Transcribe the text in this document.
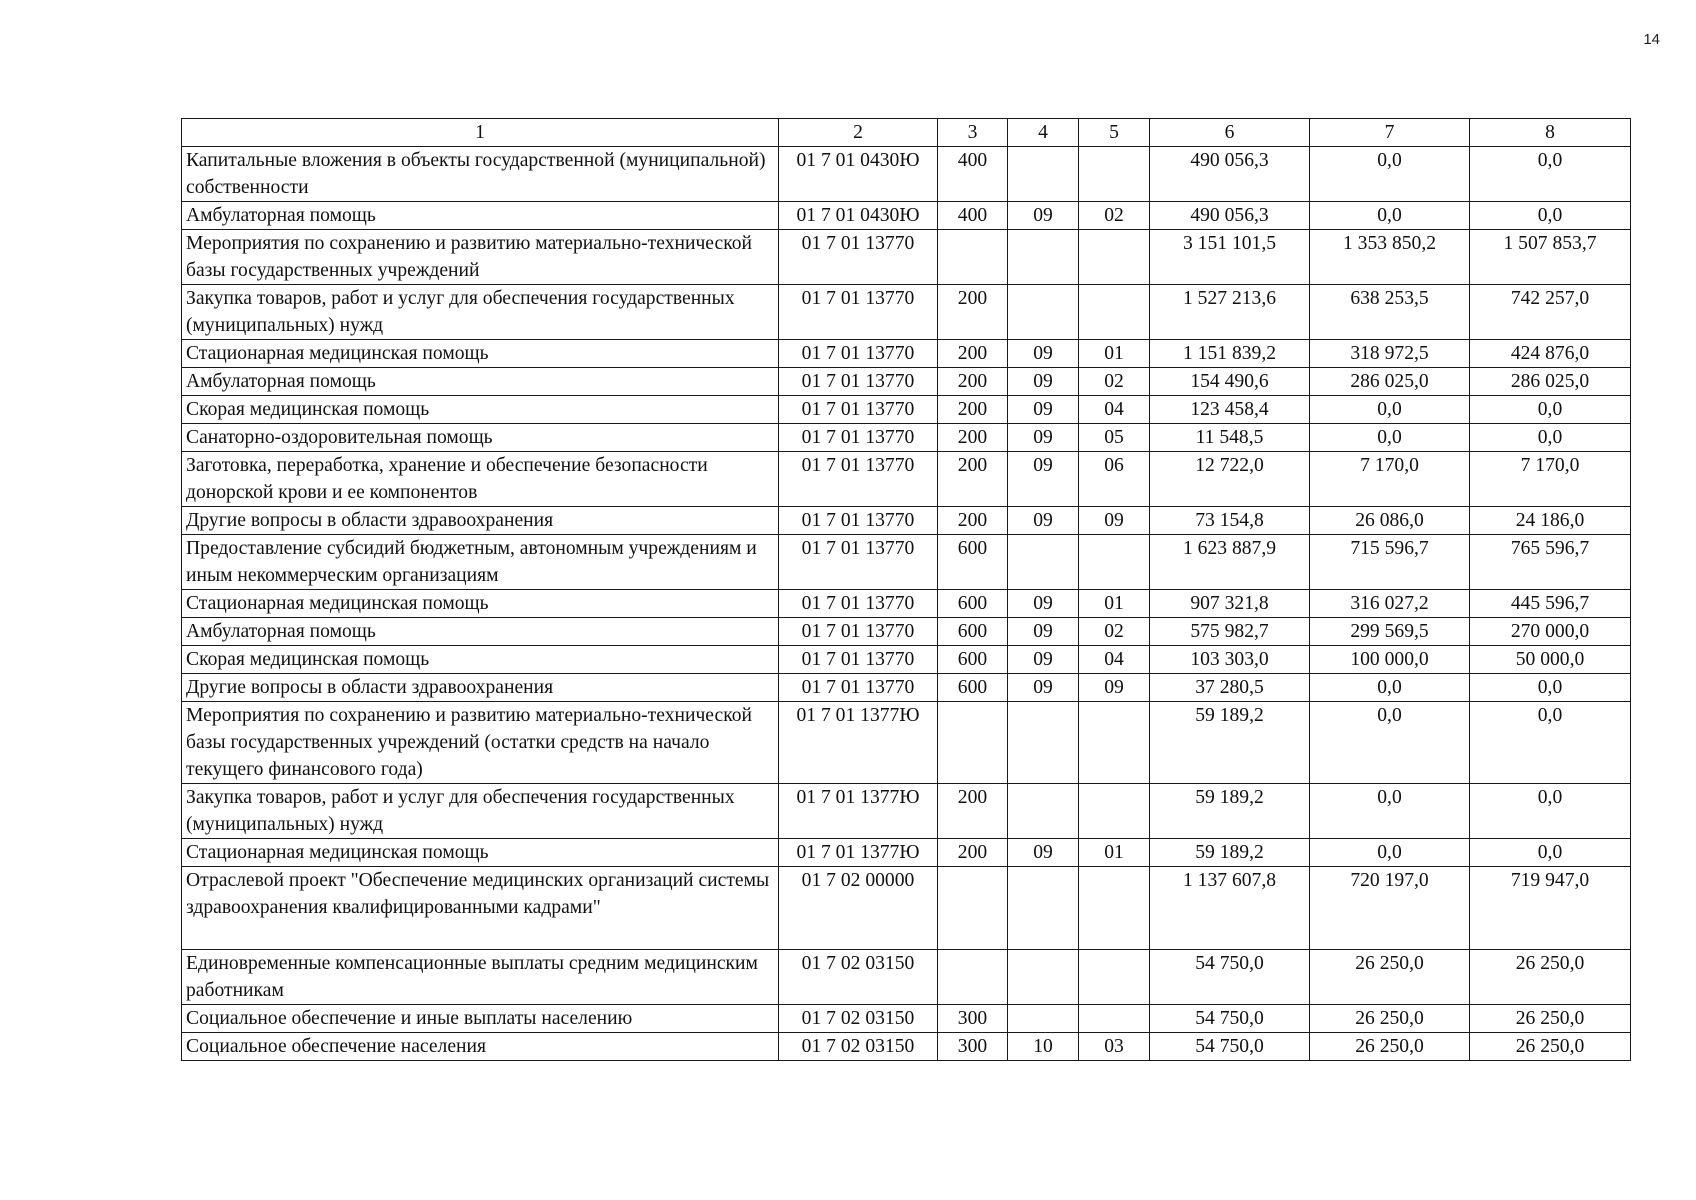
14
1	2	3	4	5	6	7	8
Капитальные вложения в объекты государственной (муниципальной) собственности	01 7 01 0430Ю	400			490 056,3	0,0	0,0
Амбулаторная помощь	01 7 01 0430Ю	400	09	02	490 056,3	0,0	0,0
Мероприятия по сохранению и развитию материально-технической базы государственных учреждений	01 7 01 13770				3 151 101,5	1 353 850,2	1 507 853,7
Закупка товаров, работ и услуг для обеспечения государственных (муниципальных) нужд	01 7 01 13770	200			1 527 213,6	638 253,5	742 257,0
Стационарная медицинская помощь	01 7 01 13770	200	09	01	1 151 839,2	318 972,5	424 876,0
Амбулаторная помощь	01 7 01 13770	200	09	02	154 490,6	286 025,0	286 025,0
Скорая медицинская помощь	01 7 01 13770	200	09	04	123 458,4	0,0	0,0
Санаторно-оздоровительная помощь	01 7 01 13770	200	09	05	11 548,5	0,0	0,0
Заготовка, переработка, хранение и обеспечение безопасности донорской крови и ее компонентов	01 7 01 13770	200	09	06	12 722,0	7 170,0	7 170,0
Другие вопросы в области здравоохранения	01 7 01 13770	200	09	09	73 154,8	26 086,0	24 186,0
Предоставление субсидий бюджетным, автономным учреждениям и иным некоммерческим организациям	01 7 01 13770	600			1 623 887,9	715 596,7	765 596,7
Стационарная медицинская помощь	01 7 01 13770	600	09	01	907 321,8	316 027,2	445 596,7
Амбулаторная помощь	01 7 01 13770	600	09	02	575 982,7	299 569,5	270 000,0
Скорая медицинская помощь	01 7 01 13770	600	09	04	103 303,0	100 000,0	50 000,0
Другие вопросы в области здравоохранения	01 7 01 13770	600	09	09	37 280,5	0,0	0,0
Мероприятия по сохранению и развитию материально-технической базы государственных учреждений (остатки средств на начало текущего финансового года)	01 7 01 1377Ю				59 189,2	0,0	0,0
Закупка товаров, работ и услуг для обеспечения государственных (муниципальных) нужд	01 7 01 1377Ю	200			59 189,2	0,0	0,0
Стационарная медицинская помощь	01 7 01 1377Ю	200	09	01	59 189,2	0,0	0,0
Отраслевой проект "Обеспечение медицинских организаций системы здравоохранения квалифицированными кадрами"	01 7 02 00000				1 137 607,8	720 197,0	719 947,0
Единовременные компенсационные выплаты средним медицинским работникам	01 7 02 03150				54 750,0	26 250,0	26 250,0
Социальное обеспечение и иные выплаты населению	01 7 02 03150	300			54 750,0	26 250,0	26 250,0
Социальное обеспечение населения	01 7 02 03150	300	10	03	54 750,0	26 250,0	26 250,0
